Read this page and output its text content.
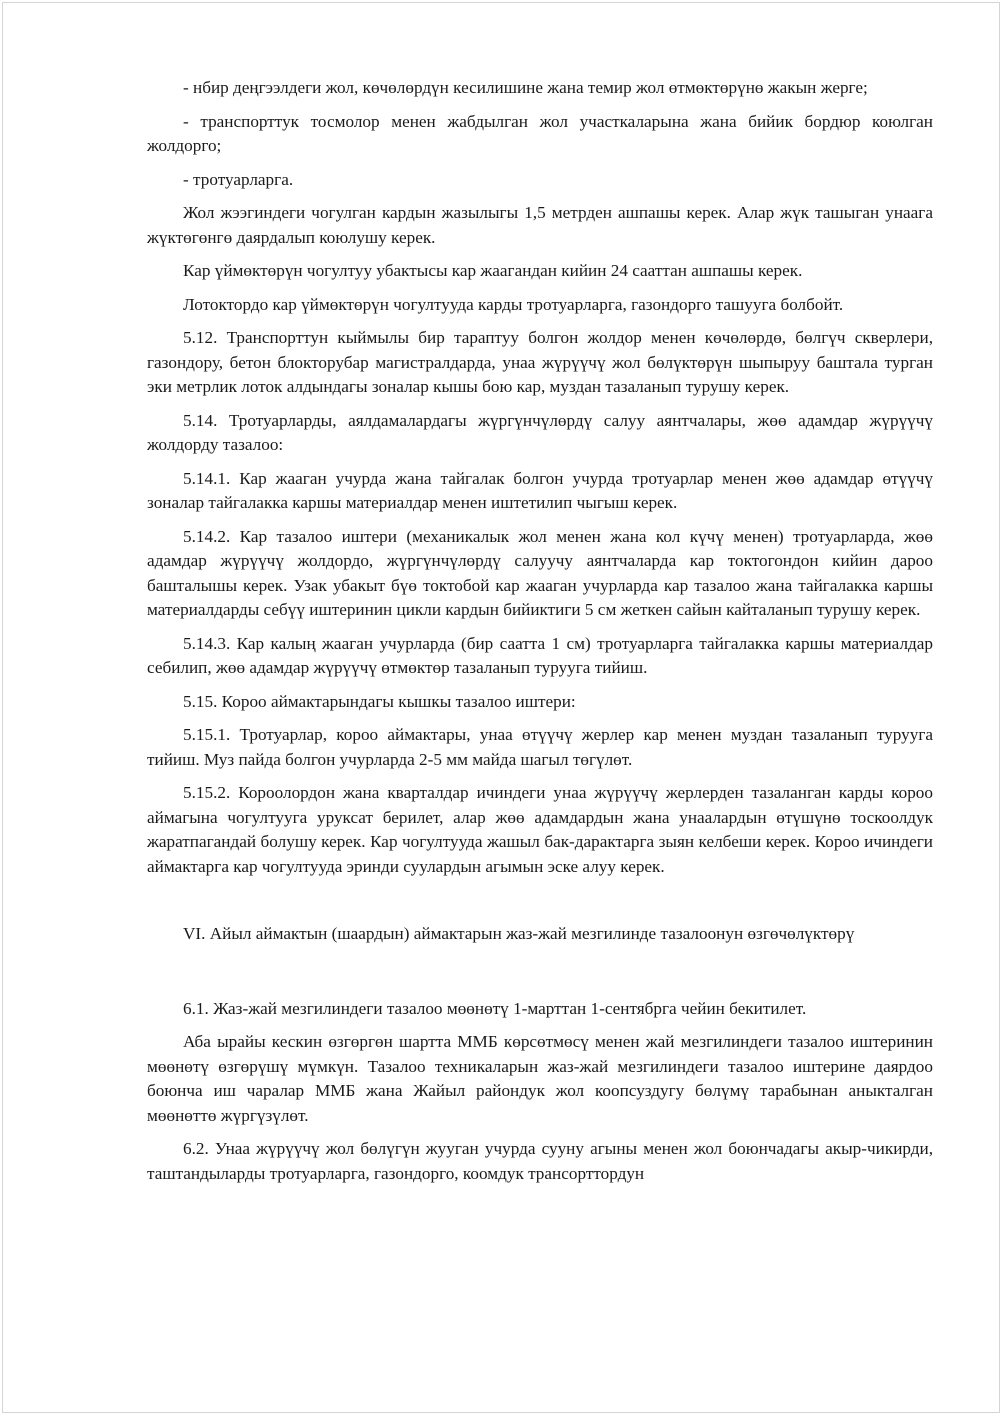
- нбир деңгээлдеги жол, көчөлөрдүн кесилишине жана темир жол өтмөктөрүнө жакын жерге;

- транспорттук тосмолор менен жабдылган жол участкаларына жана бийик бордюр коюлган жолдорго;

- тротуарларга.

Жол жээгиндеги чогулган кардын жазылыгы 1,5 метрден ашпашы керек. Алар жүк ташыган унаага жүктөгөнгө даярдалып коюлушу керек.

Кар үймөктөрүн чогултуу убактысы кар жаагандан кийин 24 сааттан ашпашы керек.

Лотоктордо кар үймөктөрүн чогултууда карды тротуарларга, газондорго ташууга болбойт.

5.12. Транспорттун кыймылы бир тараптуу болгон жолдор менен көчөлөрдө, бөлгүч скверлери, газондору, бетон блокторубар магистралдарда, унаа жүрүүчү жол бөлүктөрүн шыпыруу баштала турган эки метрлик лоток алдындагы зоналар кышы бою кар, муздан тазаланып турушу керек.

5.14. Тротуарларды, аялдамалардагы жүргүнчүлөрдү салуу аянтчалары, жөө адамдар жүрүүчү жолдорду тазалоо:

5.14.1. Кар жааган учурда жана тайгалак болгон учурда тротуарлар менен жөө адамдар өтүүчү зоналар тайгалакка каршы материалдар менен иштетилип чыгыш керек.

5.14.2. Кар тазалоо иштери (механикалык жол менен жана кол күчү менен) тротуарларда, жөө адамдар жүрүүчү жолдордо, жүргүнчүлөрдү салуучу аянтчаларда кар токтогондон кийин дароо башталышы керек. Узак убакыт бүө токтобой кар жааган учурларда кар тазалоо жана тайгалакка каршы материалдарды себүү иштеринин цикли кардын бийиктиги 5 см жеткен сайын кайталанып турушу керек.

5.14.3. Кар калың жааган учурларда (бир саатта 1 см) тротуарларга тайгалакка каршы материалдар себилип, жөө адамдар жүрүүчү өтмөктөр тазаланып турууга тийиш.

5.15. Короо аймактарындагы кышкы тазалоо иштери:

5.15.1. Тротуарлар, короо аймактары, унаа өтүүчү жерлер кар менен муздан тазаланып турууга тийиш. Муз пайда болгон учурларда 2-5 мм майда шагыл төгүлөт.

5.15.2. Короолордон жана кварталдар ичиндеги унаа жүрүүчү жерлерден тазаланган карды короо аймагына чогултууга уруксат берилет, алар жөө адамдардын жана унаалардын өтүшүнө тоскоолдук жаратпагандай болушу керек. Кар чогултууда жашыл бак-дарактарга зыян келбеши керек. Короо ичиндеги аймактарга кар чогултууда эринди суулардын агымын эске алуу керек.

VI. Айыл аймактын (шаардын) аймактарын жаз-жай мезгилинде тазалоонун өзгөчөлүктөрү

6.1. Жаз-жай мезгилиндеги тазалоо мөөнөтү 1-марттан 1-сентябрга чейин бекитилет.

Аба ырайы кескин өзгөргөн шартта ММБ көрсөтмөсү менен жай мезгилиндеги тазалоо иштеринин мөөнөтү өзгөрүшү мүмкүн. Тазалоо техникаларын жаз-жай мезгилиндеги тазалоо иштерине даярдоо боюнча иш чаралар ММБ жана Жайыл райондук жол коопсуздугу бөлүмү тарабынан аныкталган мөөнөттө жүргүзүлөт.

6.2. Унаа жүрүүчү жол бөлүгүн жууган учурда сууну агыны менен жол боюнчадагы акыр-чикирди, таштандыларды тротуарларга, газондорго, коомдук трансорттордун
